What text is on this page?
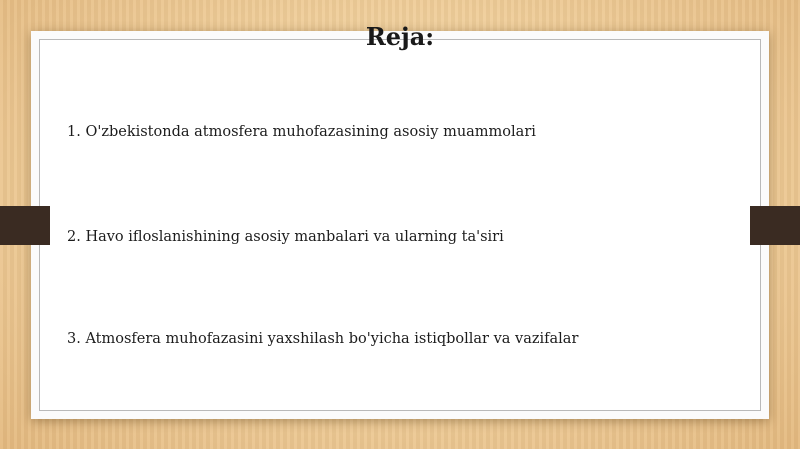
Reja:
1. O'zbekistonda atmosfera muhofazasining asosiy muammolari
2. Havo ifloslanishining asosiy manbalari va ularning ta'siri
3. Atmosfera muhofazasini yaxshilash bo'yicha istiqbollar va vazifalar
